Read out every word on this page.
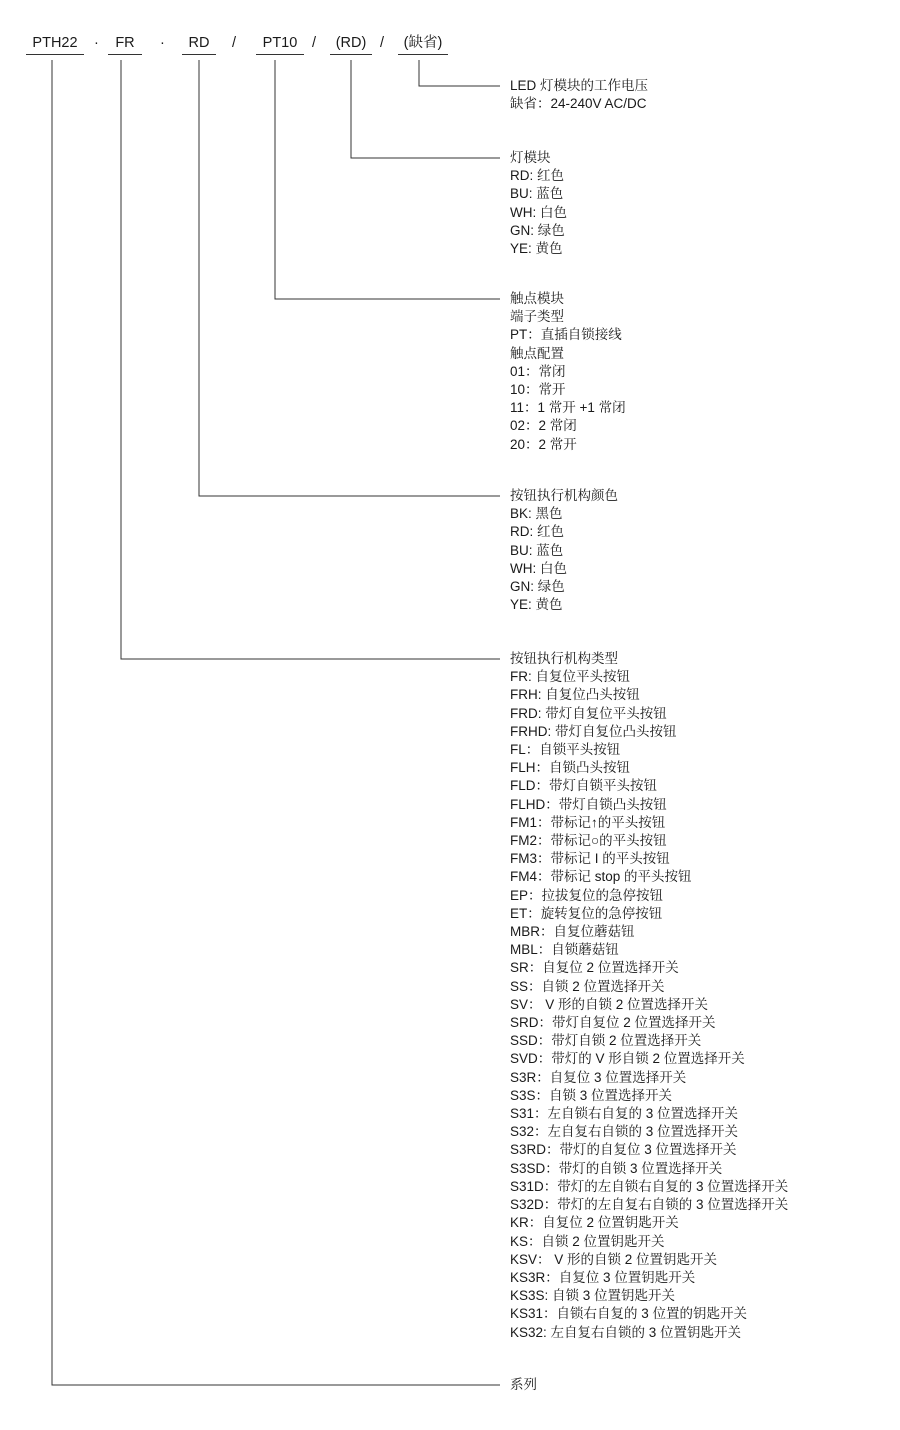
PTH22	FR	RD	PT10	(RD)	(缺省)
·	·	/	/	/
LED 灯模块的工作电压
缺省：24-240V AC/DC
灯模块
RD: 红色
BU: 蓝色
WH: 白色
GN: 绿色
YE: 黄色
触点模块
端子类型
PT：直插自锁接线
触点配置
01：常闭
10：常开
11：1 常开 +1 常闭
02：2 常闭
20：2 常开
按钮执行机构颜色
BK: 黑色
RD: 红色
BU: 蓝色
WH: 白色
GN: 绿色
YE: 黄色
按钮执行机构类型
FR: 自复位平头按钮
FRH: 自复位凸头按钮
FRD: 带灯自复位平头按钮
FRHD: 带灯自复位凸头按钮
FL：自锁平头按钮
FLH：自锁凸头按钮
FLD：带灯自锁平头按钮
FLHD：带灯自锁凸头按钮
FM1：带标记↑的平头按钮
FM2：带标记○的平头按钮
FM3：带标记 I 的平头按钮
FM4：带标记 stop 的平头按钮
EP：拉拔复位的急停按钮
ET：旋转复位的急停按钮
MBR：自复位蘑菇钮
MBL：自锁蘑菇钮
SR：自复位 2 位置选择开关
SS：自锁 2 位置选择开关
SV： V 形的自锁 2 位置选择开关
SRD：带灯自复位 2 位置选择开关
SSD：带灯自锁 2 位置选择开关
SVD：带灯的 V 形自锁 2 位置选择开关
S3R：自复位 3 位置选择开关
S3S：自锁 3 位置选择开关
S31：左自锁右自复的 3 位置选择开关
S32：左自复右自锁的 3 位置选择开关
S3RD：带灯的自复位 3 位置选择开关
S3SD：带灯的自锁 3 位置选择开关
S31D：带灯的左自锁右自复的 3 位置选择开关
S32D：带灯的左自复右自锁的 3 位置选择开关
KR：自复位 2 位置钥匙开关
KS：自锁 2 位置钥匙开关
KSV： V 形的自锁 2 位置钥匙开关
KS3R：自复位 3 位置钥匙开关
KS3S: 自锁 3 位置钥匙开关
KS31：自锁右自复的 3 位置的钥匙开关
KS32: 左自复右自锁的 3 位置钥匙开关
系列
